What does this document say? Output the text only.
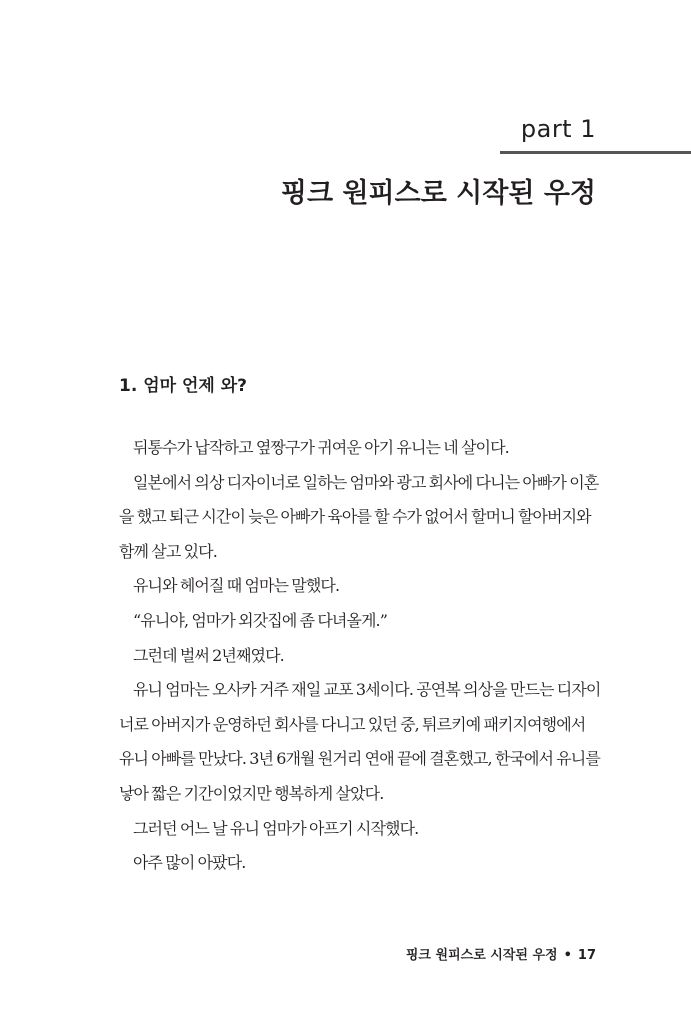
part 1
핑크 원피스로 시작된 우정
1. 엄마 언제 와?

뒤통수가 납작하고 옆짱구가 귀여운 아기 유니는 네 살이다.

일본에서 의상 디자이너로 일하는 엄마와 광고 회사에 다니는 아빠가 이혼을 했고 퇴근 시간이 늦은 아빠가 육아를 할 수가 없어서 할머니 할아버지와 함께 살고 있다.

유니와 헤어질 때 엄마는 말했다.

“유니야, 엄마가 외갓집에 좀 다녀올게.”

그런데 벌써 2년째였다.

유니 엄마는 오사카 거주 재일 교포 3세이다. 공연복 의상을 만드는 디자이너로 아버지가 운영하던 회사를 다니고 있던 중, 튀르키예 패키지여행에서 유니 아빠를 만났다. 3년 6개월 원거리 연애 끝에 결혼했고, 한국에서 유니를 낳아 짧은 기간이었지만 행복하게 살았다.

그러던 어느 날 유니 엄마가 아프기 시작했다.

아주 많이 아팠다.

핑크 원피스로 시작된 우정 • 17
